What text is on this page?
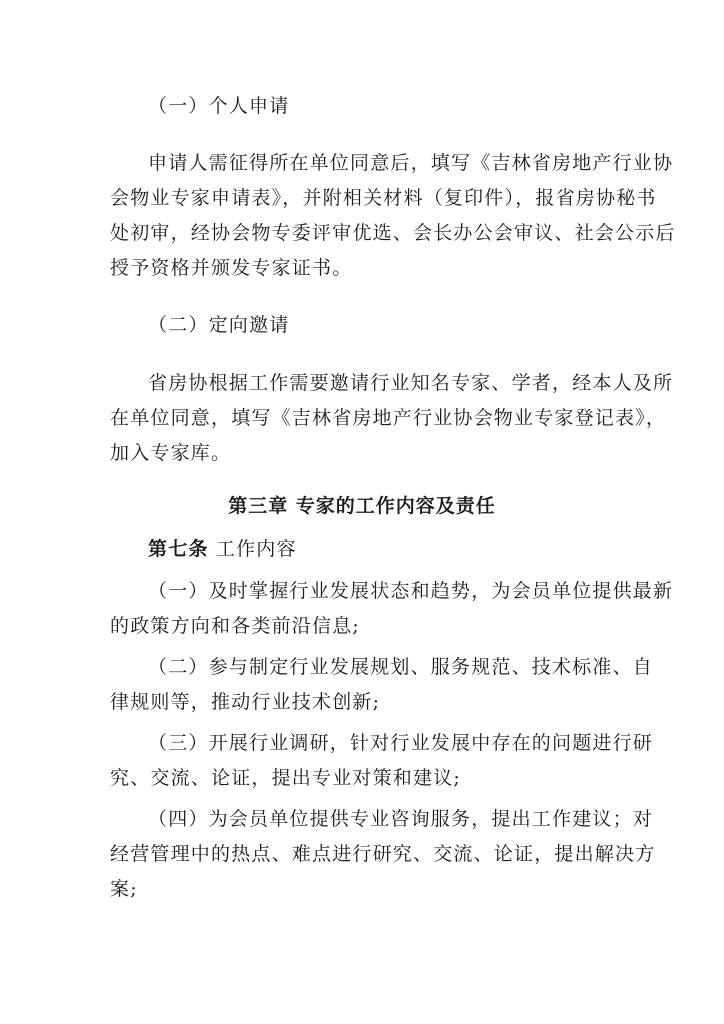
（一）个人申请
申请人需征得所在单位同意后，填写《吉林省房地产行业协
会物业专家申请表》，并附相关材料（复印件），报省房协秘书
处初审，经协会物专委评审优选、会长办公会审议、社会公示后
授予资格并颁发专家证书。
（二）定向邀请
省房协根据工作需要邀请行业知名专家、学者，经本人及所
在单位同意，填写《吉林省房地产行业协会物业专家登记表》，
加入专家库。
第三章 专家的工作内容及责任
第七条 工作内容
（一）及时掌握行业发展状态和趋势，为会员单位提供最新
的政策方向和各类前沿信息;
（二）参与制定行业发展规划、服务规范、技术标准、自
律规则等，推动行业技术创新;
（三）开展行业调研，针对行业发展中存在的问题进行研
究、交流、论证，提出专业对策和建议;
（四）为会员单位提供专业咨询服务，提出工作建议；对
经营管理中的热点、难点进行研究、交流、论证，提出解决方
案;
